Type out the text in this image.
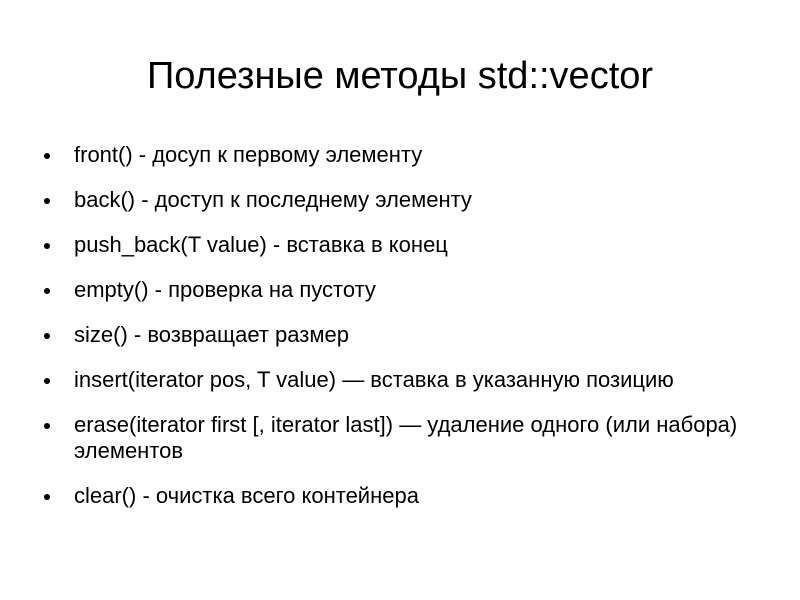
Полезные методы std::vector
front() - досуп к первому элементу
back() - доступ к последнему элементу
push_back(T value) - вставка в конец
empty() - проверка на пустоту
size() - возвращает размер
insert(iterator pos, T value) — вставка в указанную позицию
erase(iterator first [, iterator last]) — удаление одного (или набора) элементов
clear() - очистка всего контейнера
